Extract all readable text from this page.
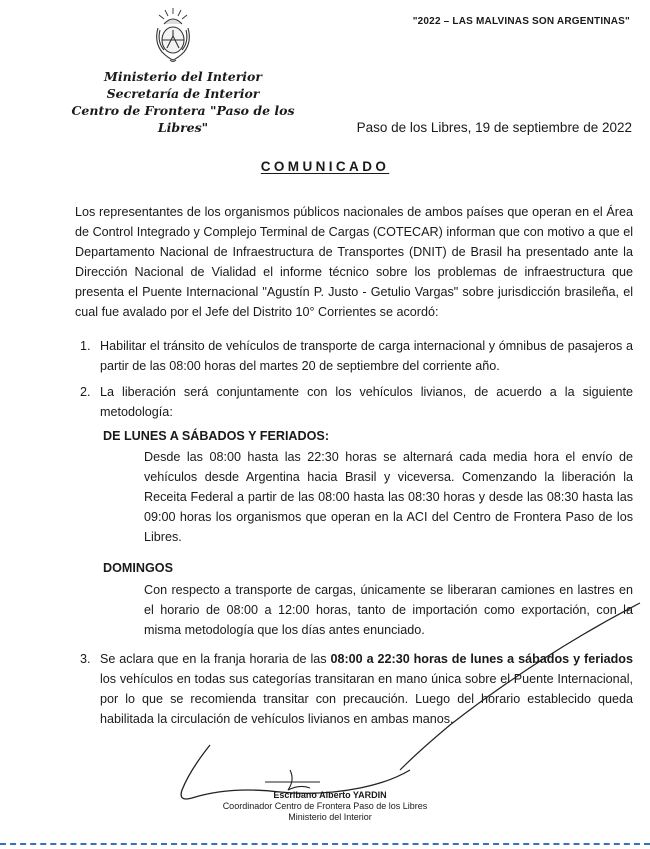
"2022 – LAS MALVINAS SON ARGENTINAS"
Ministerio del Interior
Secretaría de Interior
Centro de Frontera "Paso de los Libres"	Paso de los Libres, 19 de septiembre de 2022
COMUNICADO
Los representantes de los organismos públicos nacionales de ambos países que operan en el Área de Control Integrado y Complejo Terminal de Cargas (COTECAR) informan que con motivo a que el Departamento Nacional de Infraestructura de Transportes (DNIT) de Brasil ha presentado ante la Dirección Nacional de Vialidad el informe técnico sobre los problemas de infraestructura que presenta el Puente Internacional "Agustín P. Justo - Getulio Vargas" sobre jurisdicción brasileña, el cual fue avalado por el Jefe del Distrito 10° Corrientes se acordó:
1. Habilitar el tránsito de vehículos de transporte de carga internacional y ómnibus de pasajeros a partir de las 08:00 horas del martes 20 de septiembre del corriente año.
2. La liberación será conjuntamente con los vehículos livianos, de acuerdo a la siguiente metodología:
DE LUNES A SÁBADOS Y FERIADOS:
Desde las 08:00 hasta las 22:30 horas se alternará cada media hora el envío de vehículos desde Argentina hacia Brasil y viceversa. Comenzando la liberación la Receita Federal a partir de las 08:00 hasta las 08:30 horas y desde las 08:30 hasta las 09:00 horas los organismos que operan en la ACI del Centro de Frontera Paso de los Libres.
DOMINGOS
Con respecto a transporte de cargas, únicamente se liberaran camiones en lastres en el horario de 08:00 a 12:00 horas, tanto de importación como exportación, con la misma metodología que los días antes enunciado.
3. Se aclara que en la franja horaria de las 08:00 a 22:30 horas de lunes a sábados y feriados los vehículos en todas sus categorías transitaran en mano única sobre el Puente Internacional, por lo que se recomienda transitar con precaución. Luego del horario establecido queda habilitada la circulación de vehículos livianos en ambas manos.
Escribano Alberto YARDIN
Coordinador Centro de Frontera Paso de los Libres
Ministerio del Interior
